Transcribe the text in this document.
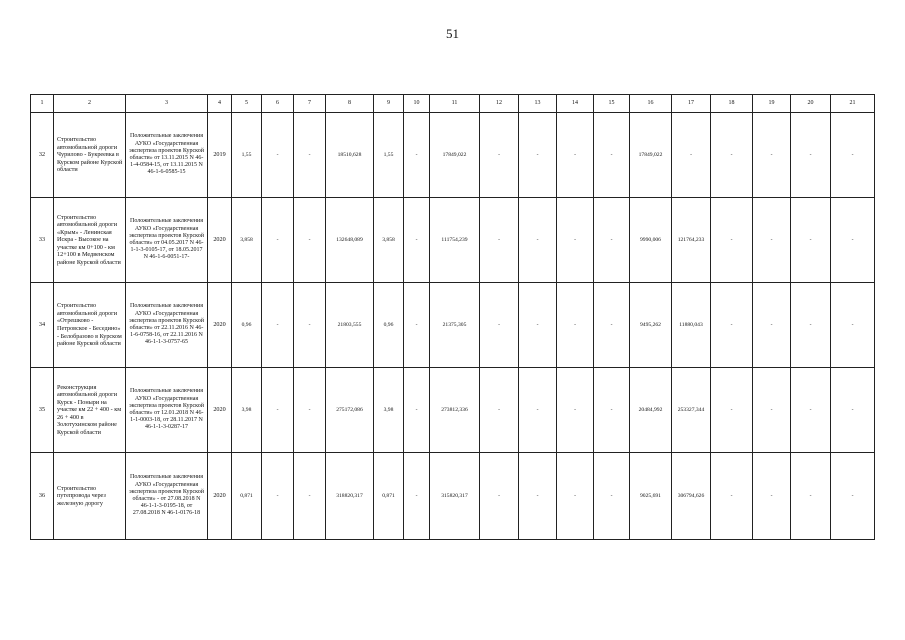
51
1	2	3	4	5	6	7	8	9	10	11	12	13	14	15	16	17	18	19	20	21
32	Строительство автомобильной дороги Чурилово - Букреевка в Курском районе Курской области	Положительные заключения АУКО «Государственная экспертиза проектов Курской области» от 13.11.2015 N 46-1-4-0584-15, от 13.11.2015 N 46-1-6-0585-15	2019	1,55	-	-	18510,628	1,55	-	17849,022	-	-	-	-	17849,022	-	-	-	-	-
33	Строительство автомобильной дороги «Крым» - Ленинская Искра - Высокое на участке км 0+100 - км 12+100 в Медвенском районе Курской области	Положительные заключения АУКО «Государственная экспертиза проектов Курской области» от 04.05.2017 N 46-1-1-3-0105-17, от 18.05.2017 N 46-1-6-0051-17-	2020	3,858	-	-	132648,089	3,858	-	111754,239	-	-	-	-	9990,006	121764,233	-	-	-	-
34	Строительство автомобильной дороги «Отрешково - Петровское - Беседино» - Белобразово в Курском районе Курской области	Положительные заключения АУКО «Государственная экспертиза проектов Курской области» от 22.11.2016 N 46-1-6-0758-16, от 22.11.2016 N 46-1-1-3-0757-65	2020	0,96	-	-	21803,555	0,96	-	21375,305	-	-	-	-	9495,262	11880,043	-	-	-	-
35	Реконструкция автомобильной дороги Курск - Поныри на участке км 22 + 400 - км 26 + 400 в Золотухинском районе Курской области	Положительные заключения АУКО «Государственная экспертиза проектов Курской области» от 12.01.2018 N 46-1-1-0003-18, от 28.11.2017 N 46-1-1-3-0287-17	2020	3,98	-	-	275172,086	3,98	-	273812,336	-	-	-	-	20484,992	253327,344	-	-	-	-
36	Строительство путепровода через железную дорогу	Положительные заключения АУКО «Государственная экспертиза проектов Курской области» - от 27.08.2018 N 46-1-1-3-0195-18, от 27.08.2018 N 46-1-0176-18	2020	0,871	-	-	318820,317	0,871	-	315820,317	-	-	-	-	9025,691	306794,626	-	-	-	-
